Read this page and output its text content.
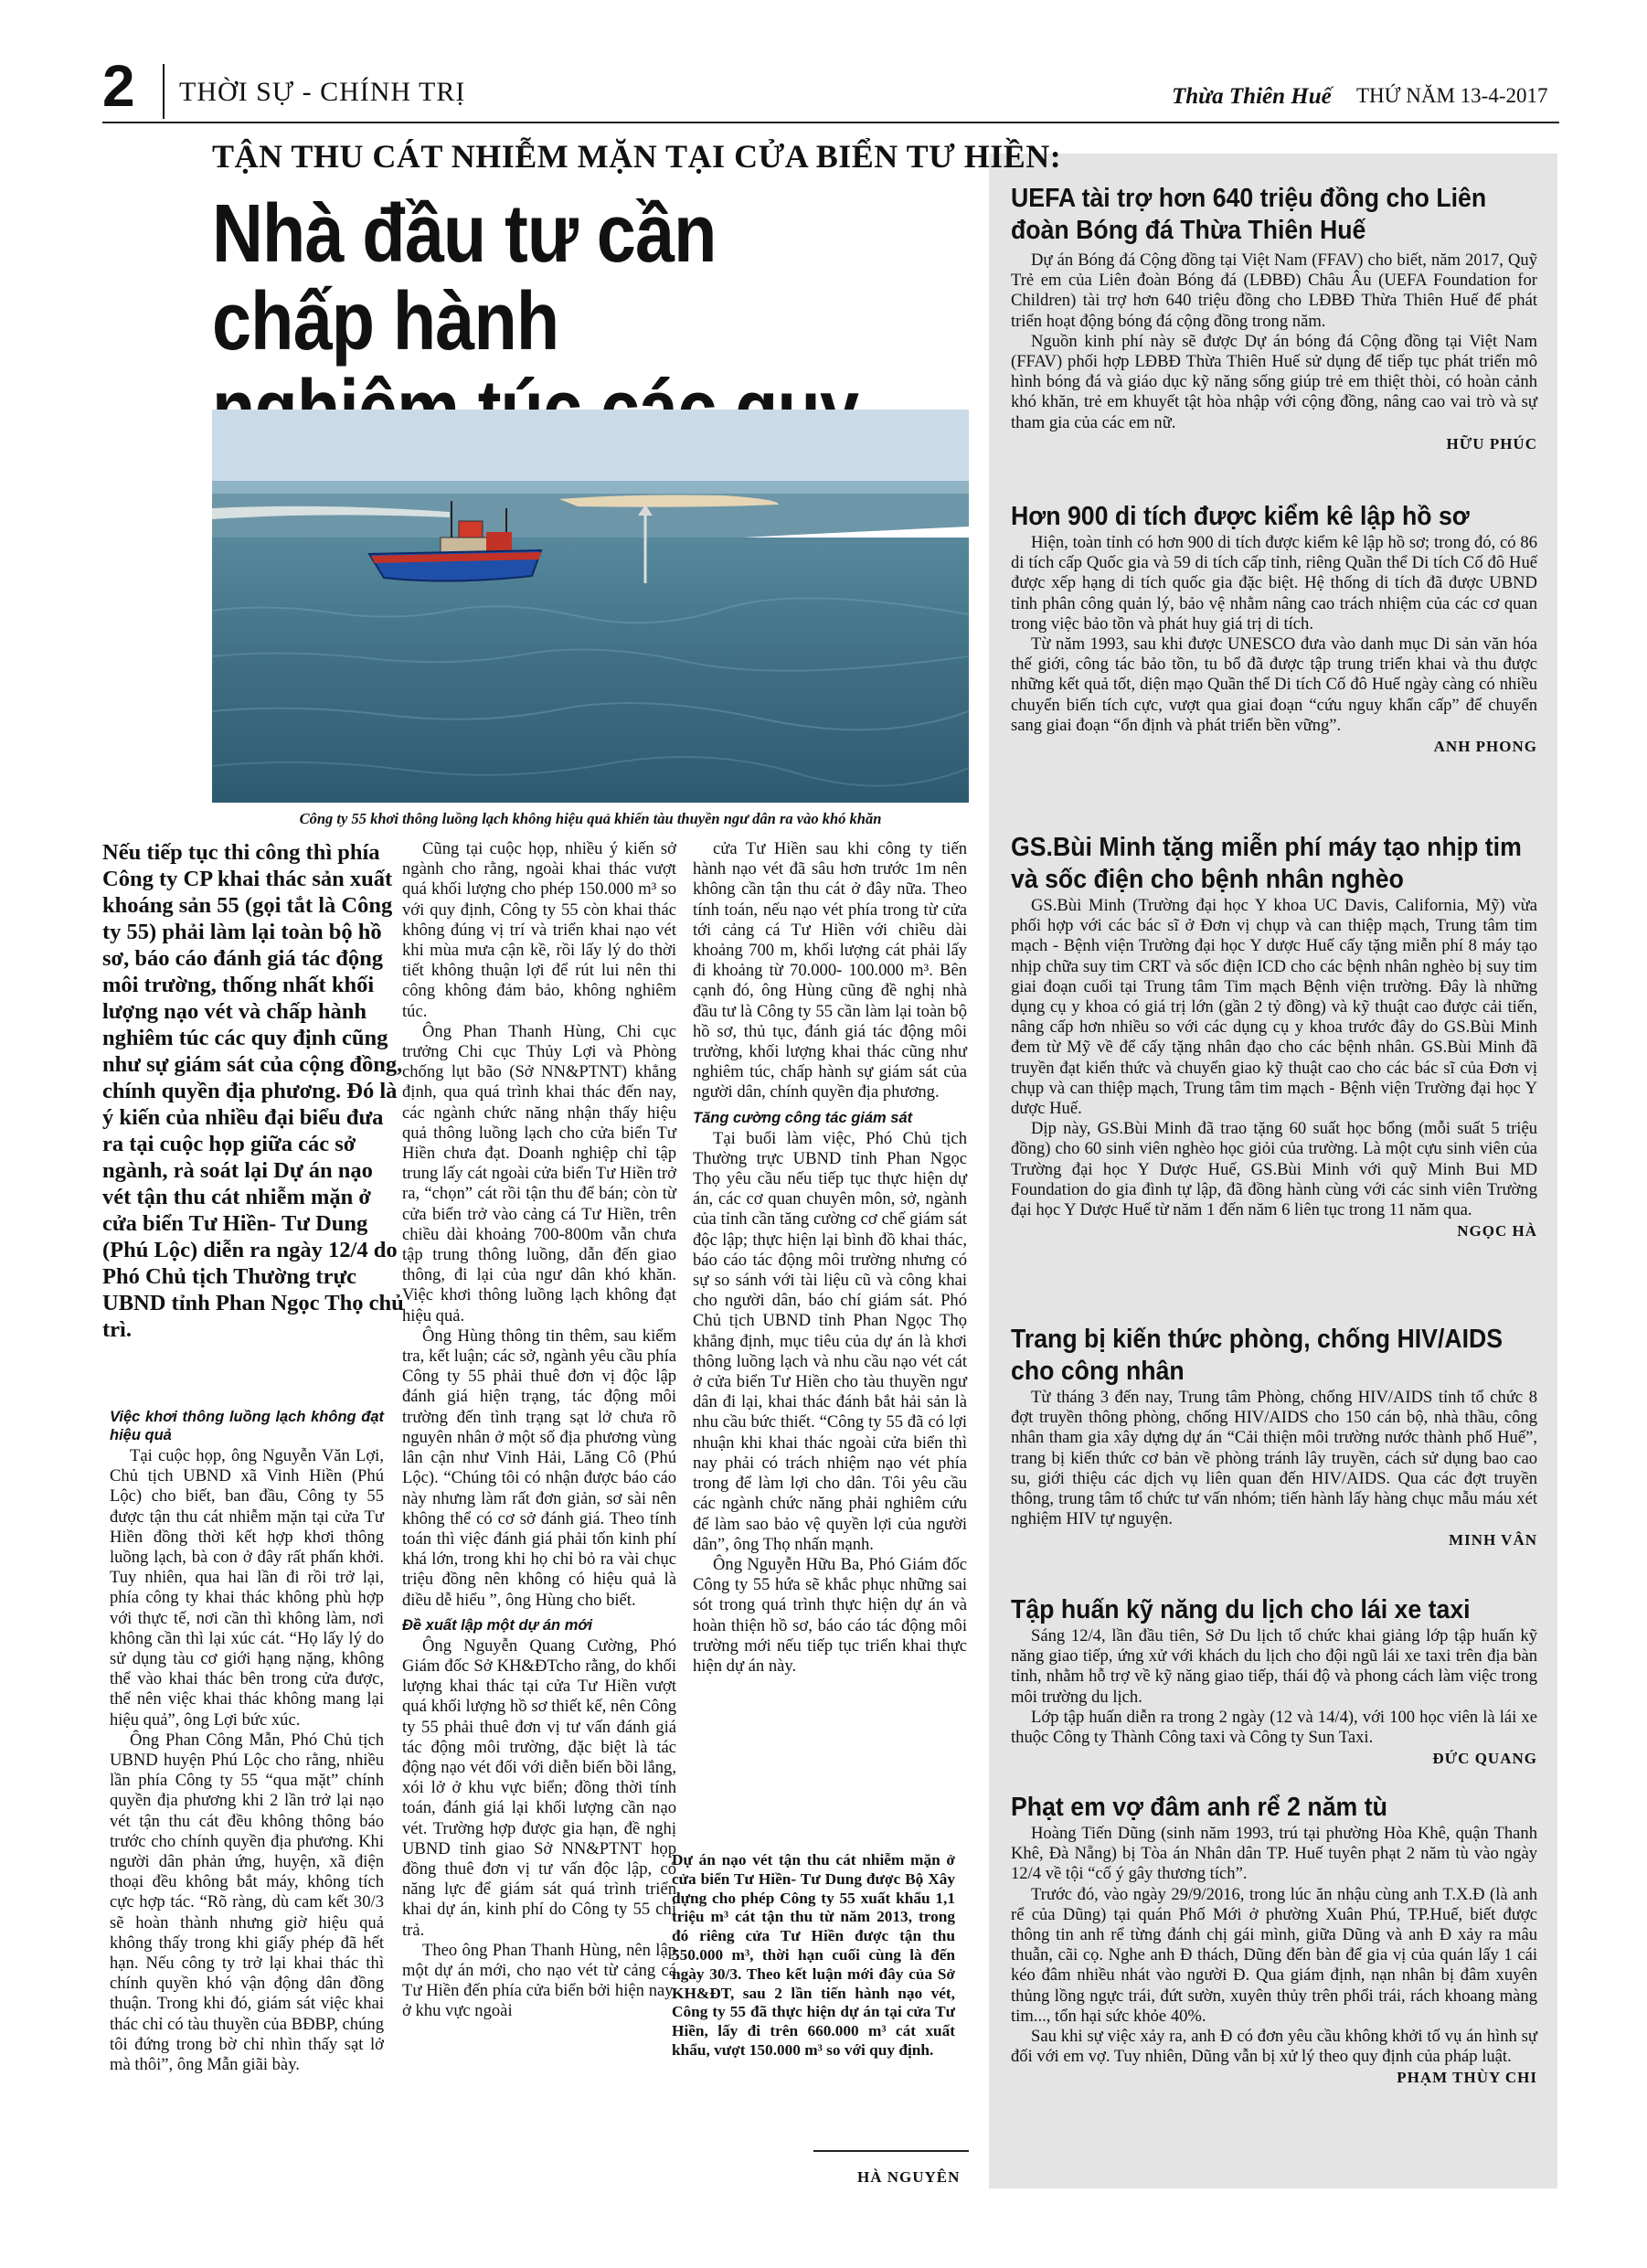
2 THỜI SỰ - CHÍNH TRỊ	Thừa Thiên Huế THỨ NĂM 13-4-2017
TẬN THU CÁT NHIỄM MẶN TẠI CỬA BIỂN TƯ HIỀN:
Nhà đầu tư cần chấp hành
Công ty 55 khơi thông luồng lạch không hiệu quả khiến tàu thuyền ngư dân ra vào khó khăn
Nếu tiếp tục thi công thì phía Công ty CP khai thác sản xuất khoáng sản 55 (gọi tắt là Công ty 55) phải làm lại toàn bộ hồ sơ, báo cáo đánh giá tác động môi trường, thống nhất khối lượng nạo vét và chấp hành nghiêm túc các quy định cũng như sự giám sát của cộng đồng, chính quyền địa phương. Đó là ý kiến của nhiều đại biểu đưa ra tại cuộc họp giữa các sở ngành, rà soát lại Dự án nạo vét tận thu cát nhiễm mặn ở cửa biển Tư Hiền- Tư Dung (Phú Lộc) diễn ra ngày 12/4 do Phó Chủ tịch Thường trực UBND tỉnh Phan Ngọc Thọ chủ trì.

Việc khơi thông luồng lạch không đạt hiệu quả

Tại cuộc họp, ông Nguyễn Văn Lợi, Chủ tịch UBND xã Vinh Hiền (Phú Lộc) cho biết, ban đầu, Công ty 55 được tận thu cát nhiễm mặn tại cửa Tư Hiền đồng thời kết hợp khơi thông luồng lạch, bà con ở đây rất phấn khởi. Tuy nhiên, qua hai lần đi rồi trở lại, phía công ty khai thác không phù hợp với thực tế, nơi cần thì không làm, nơi không cần thì lại xúc cát. “Họ lấy lý do sử dụng tàu cơ giới hạng nặng, không thể vào khai thác bên trong cửa được, thế nên việc khai thác không mang lại hiệu quả”, ông Lợi bức xúc.

Ông Phan Công Mẫn, Phó Chủ tịch UBND huyện Phú Lộc cho rằng, nhiều lần phía Công ty 55 “qua mặt” chính quyền địa phương khi 2 lần trở lại nạo vét tận thu cát đều không thông báo trước cho chính quyền địa phương. Khi người dân phản ứng, huyện, xã điện thoại đều không bắt máy, không tích cực hợp tác. “Rõ ràng, dù cam kết 30/3 sẽ hoàn thành nhưng giờ hiệu quả không thấy trong khi giấy phép đã hết hạn. Nếu công ty trở lại khai thác thì chính quyền khó vận động dân đồng thuận. Trong khi đó, giám sát việc khai thác chỉ có tàu thuyền của BĐBP, chúng tôi đứng trong bờ chỉ nhìn thấy sạt lở mà thôi”, ông Mẫn giãi bày.

Cũng tại cuộc họp, nhiều ý kiến sở ngành cho rằng, ngoài khai thác vượt quá khối lượng cho phép 150.000 m³ so với quy định, Công ty 55 còn khai thác không đúng vị trí và triển khai nạo vét khi mùa mưa cận kề, rồi lấy lý do thời tiết không thuận lợi để rút lui nên thi công không đảm bảo, không nghiêm túc.

Ông Phan Thanh Hùng, Chi cục trưởng Chi cục Thủy Lợi và Phòng chống lụt bão (Sở NN&PTNT) khẳng định, qua quá trình khai thác đến nay, các ngành chức năng nhận thấy hiệu quả thông luồng lạch cho cửa biển Tư Hiền chưa đạt. Doanh nghiệp chỉ tập trung lấy cát ngoài cửa biển Tư Hiền trở ra, “chọn” cát rồi tận thu để bán; còn từ cửa biển trở vào cảng cá Tư Hiền, trên chiều dài khoảng 700-800m vẫn chưa tập trung thông luồng, dẫn đến giao thông, đi lại của ngư dân khó khăn. Việc khơi thông luồng lạch không đạt hiệu quả.

Ông Hùng thông tin thêm, sau kiểm tra, kết luận; các sở, ngành yêu cầu phía Công ty 55 phải thuê đơn vị độc lập đánh giá hiện trạng, tác động môi trường đến tình trạng sạt lở chưa rõ nguyên nhân ở một số địa phương vùng lân cận như Vinh Hải, Lăng Cô (Phú Lộc). “Chúng tôi có nhận được báo cáo này nhưng làm rất đơn giản, sơ sài nên không thể có cơ sở đánh giá. Theo tính toán thì việc đánh giá phải tốn kinh phí khá lớn, trong khi họ chỉ bỏ ra vài chục triệu đồng nên không có hiệu quả là điều dễ hiểu ”, ông Hùng cho biết.

Đề xuất lập một dự án mới

Ông Nguyễn Quang Cường, Phó Giám đốc Sở KH&ĐTcho rằng, do khối lượng khai thác tại cửa Tư Hiền vượt quá khối lượng hồ sơ thiết kế, nên Công ty 55 phải thuê đơn vị tư vấn đánh giá tác động môi trường, đặc biệt là tác động nạo vét đối với diễn biến bồi lắng, xói lở ở khu vực biển; đồng thời tính toán, đánh giá lại khối lượng cần nạo vét. Trường hợp được gia hạn, đề nghị UBND tỉnh giao Sở NN&PTNT họp đồng thuê đơn vị tư vấn độc lập, có năng lực để giám sát quá trình triển khai dự án, kinh phí do Công ty 55 chi trả.

Theo ông Phan Thanh Hùng, nên lập một dự án mới, cho nạo vét từ cảng cá Tư Hiền đến phía cửa biển bởi hiện nay, ở khu vực ngoài

cửa Tư Hiền sau khi công ty tiến hành nạo vét đã sâu hơn trước 1m nên không cần tận thu cát ở đây nữa. Theo tính toán, nếu nạo vét phía trong từ cửa tới cảng cá Tư Hiền với chiều dài khoảng 700 m, khối lượng cát phải lấy đi khoảng từ 70.000- 100.000 m³. Bên cạnh đó, ông Hùng cũng đề nghị nhà đầu tư là Công ty 55 cần làm lại toàn bộ hồ sơ, thủ tục, đánh giá tác động môi trường, khối lượng khai thác cũng như nghiêm túc, chấp hành sự giám sát của người dân, chính quyền địa phương.

Tăng cường công tác giám sát

Tại buổi làm việc, Phó Chủ tịch Thường trực UBND tỉnh Phan Ngọc Thọ yêu cầu nếu tiếp tục thực hiện dự án, các cơ quan chuyên môn, sở, ngành của tỉnh cần tăng cường cơ chế giám sát độc lập; thực hiện lại bình đồ khai thác, báo cáo tác động môi trường nhưng có sự so sánh với tài liệu cũ và công khai cho người dân, báo chí giám sát. Phó Chủ tịch UBND tỉnh Phan Ngọc Thọ khẳng định, mục tiêu của dự án là khơi thông luồng lạch và nhu cầu nạo vét cát ở cửa biển Tư Hiền cho tàu thuyền ngư dân đi lại, khai thác đánh bắt hải sản là nhu cầu bức thiết. “Công ty 55 đã có lợi nhuận khi khai thác ngoài cửa biển thì nay phải có trách nhiệm nạo vét phía trong để làm lợi cho dân. Tôi yêu cầu các ngành chức năng phải nghiêm cứu để làm sao bảo vệ quyền lợi của người dân”, ông Thọ nhấn mạnh.

Ông Nguyễn Hữu Ba, Phó Giám đốc Công ty 55 hứa sẽ khắc phục những sai sót trong quá trình thực hiện dự án và hoàn thiện hồ sơ, báo cáo tác động môi trường mới nếu tiếp tục triển khai thực hiện dự án này.

Dự án nạo vét tận thu cát nhiễm mặn ở cửa biển Tư Hiền- Tư Dung được Bộ Xây dựng cho phép Công ty 55 xuất khẩu 1,1 triệu m³ cát tận thu từ năm 2013, trong đó riêng cửa Tư Hiền được tận thu 550.000 m³, thời hạn cuối cùng là đến ngày 30/3. Theo kết luận mới đây của Sở KH&ĐT, sau 2 lần tiến hành nạo vét, Công ty 55 đã thực hiện dự án tại cửa Tư Hiền, lấy đi trên 660.000 m³ cát xuất khẩu, vượt 150.000 m³ so với quy định.
HÀ NGUYÊN
UEFA tài trợ hơn 640 triệu đồng cho Liên đoàn Bóng đá Thừa Thiên Huế

Dự án Bóng đá Cộng đồng tại Việt Nam (FFAV) cho biết, năm 2017, Quỹ Trẻ em của Liên đoàn Bóng đá (LĐBĐ) Châu Âu (UEFA Foundation for Children) tài trợ hơn 640 triệu đồng cho LĐBĐ Thừa Thiên Huế để phát triển hoạt động bóng đá cộng đồng trong năm.

Nguồn kinh phí này sẽ được Dự án bóng đá Cộng đồng tại Việt Nam (FFAV) phối hợp LĐBĐ Thừa Thiên Huế sử dụng để tiếp tục phát triển mô hình bóng đá và giáo dục kỹ năng sống giúp trẻ em thiệt thòi, có hoàn cảnh khó khăn, trẻ em khuyết tật hòa nhập với cộng đồng, nâng cao vai trò và sự tham gia của các em nữ.

HỮU PHÚC
Hơn 900 di tích được kiểm kê lập hồ sơ

Hiện, toàn tỉnh có hơn 900 di tích được kiểm kê lập hồ sơ; trong đó, có 86 di tích cấp Quốc gia và 59 di tích cấp tỉnh, riêng Quần thể Di tích Cố đô Huế được xếp hạng di tích quốc gia đặc biệt. Hệ thống di tích đã được UBND tỉnh phân công quản lý, bảo vệ nhằm nâng cao trách nhiệm của các cơ quan trong việc bảo tồn và phát huy giá trị di tích.

Từ năm 1993, sau khi được UNESCO đưa vào danh mục Di sản văn hóa thế giới, công tác bảo tồn, tu bổ đã được tập trung triển khai và thu được những kết quả tốt, diện mạo Quần thể Di tích Cố đô Huế ngày càng có nhiều chuyển biến tích cực, vượt qua giai đoạn “cứu nguy khẩn cấp” để chuyển sang giai đoạn “ổn định và phát triển bền vững”.

ANH PHONG
GS.Bùi Minh tặng miễn phí máy tạo nhịp tim và sốc điện cho bệnh nhân nghèo

GS.Bùi Minh (Trường đại học Y khoa UC Davis, California, Mỹ) vừa phối hợp với các bác sĩ ở Đơn vị chụp và can thiệp mạch, Trung tâm tim mạch - Bệnh viện Trường đại học Y dược Huế cấy tặng miễn phí 8 máy tạo nhịp chữa suy tim CRT và sốc điện ICD cho các bệnh nhân nghèo bị suy tim giai đoạn cuối tại Trung tâm Tim mạch Bệnh viện trường. Đây là những dụng cụ y khoa có giá trị lớn (gần 2 tỷ đồng) và kỹ thuật cao được cải tiến, nâng cấp hơn nhiều so với các dụng cụ y khoa trước đây do GS.Bùi Minh đem từ Mỹ về để cấy tặng nhân đạo cho các bệnh nhân. GS.Bùi Minh đã truyền đạt kiến thức và chuyển giao kỹ thuật cao cho các bác sĩ của Đơn vị chụp và can thiệp mạch, Trung tâm tim mạch - Bệnh viện Trường đại học Y dược Huế.

Dịp này, GS.Bùi Minh đã trao tặng 60 suất học bổng (mỗi suất 5 triệu đồng) cho 60 sinh viên nghèo học giỏi của trường. Là một cựu sinh viên của Trường đại học Y Dược Huế, GS.Bùi Minh với quỹ Minh Bui MD Foundation do gia đình tự lập, đã đồng hành cùng với các sinh viên Trường đại học Y Dược Huế từ năm 1 đến năm 6 liên tục trong 11 năm qua.

NGỌC HÀ
Trang bị kiến thức phòng, chống HIV/AIDS cho công nhân

Từ tháng 3 đến nay, Trung tâm Phòng, chống HIV/AIDS tỉnh tổ chức 8 đợt truyền thông phòng, chống HIV/AIDS cho 150 cán bộ, nhà thầu, công nhân tham gia xây dựng dự án “Cải thiện môi trường nước thành phố Huế”, trang bị kiến thức cơ bản về phòng tránh lây truyền, cách sử dụng bao cao su, giới thiệu các dịch vụ liên quan đến HIV/AIDS. Qua các đợt truyền thông, trung tâm tổ chức tư vấn nhóm; tiến hành lấy hàng chục mẫu máu xét nghiệm HIV tự nguyện.

MINH VÂN
Tập huấn kỹ năng du lịch cho lái xe taxi

Sáng 12/4, lần đầu tiên, Sở Du lịch tổ chức khai giảng lớp tập huấn kỹ năng giao tiếp, ứng xử với khách du lịch cho đội ngũ lái xe taxi trên địa bàn tỉnh, nhằm hỗ trợ về kỹ năng giao tiếp, thái độ và phong cách làm việc trong môi trường du lịch.

Lớp tập huấn diễn ra trong 2 ngày (12 và 14/4), với 100 học viên là lái xe thuộc Công ty Thành Công taxi và Công ty Sun Taxi.

ĐỨC QUANG
Phạt em vợ đâm anh rể 2 năm tù

Hoàng Tiến Dũng (sinh năm 1993, trú tại phường Hòa Khê, quận Thanh Khê, Đà Nẵng) bị Tòa án Nhân dân TP. Huế tuyên phạt 2 năm tù vào ngày 12/4 về tội “cố ý gây thương tích”.

Trước đó, vào ngày 29/9/2016, trong lúc ăn nhậu cùng anh T.X.Đ (là anh rể của Dũng) tại quán Phố Mới ở phường Xuân Phú, TP.Huế, biết được thông tin anh rể từng đánh chị gái mình, giữa Dũng và anh Đ xảy ra mâu thuẫn, cãi cọ. Nghe anh Đ thách, Dũng đến bàn để gia vị của quán lấy 1 cái kéo đâm nhiều nhát vào người Đ. Qua giám định, nạn nhân bị đâm xuyên thủng lồng ngực trái, đứt sườn, xuyên thủy trên phổi trái, rách khoang màng tim..., tổn hại sức khỏe 40%.

Sau khi sự việc xảy ra, anh Đ có đơn yêu cầu không khởi tố vụ án hình sự đối với em vợ. Tuy nhiên, Dũng vẫn bị xử lý theo quy định của pháp luật.

PHẠM THÙY CHI
